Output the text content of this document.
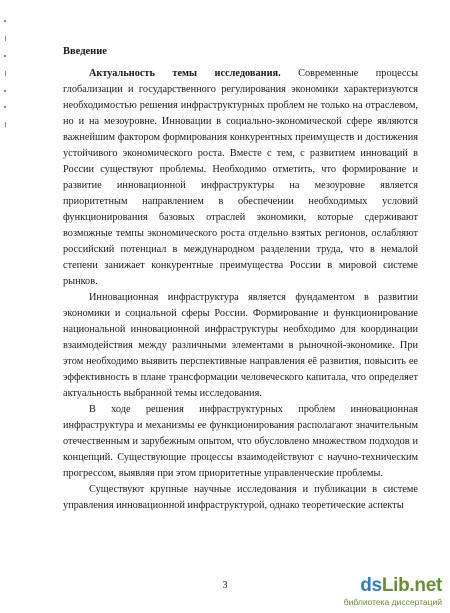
Введение

Актуальность темы исследования. Современные процессы глобализации и государственного регулирования экономики характеризуются необходимостью решения инфраструктурных проблем не только на отраслевом, но и на мезоуровне. Инновации в социально-экономической сфере являются важнейшим фактором формирования конкурентных преимуществ и достижения устойчивого экономического роста. Вместе с тем, с развитием инноваций в России существуют проблемы. Необходимо отметить, что формирование и развитие инновационной инфраструктуры на мезоуровне является приоритетным направлением в обеспечении необходимых условий функционирования базовых отраслей экономики, которые сдерживают возможные темпы экономического роста отдельно взятых регионов, ослабляют российский потенциал в международном разделении труда, что в немалой степени занижает конкурентные преимущества России в мировой системе рынков.

Инновационная инфраструктура является фундаментом в развитии экономики и социальной сферы России. Формирование и функционирование национальной инновационной инфраструктуры необходимо для координации взаимодействия между различными элементами в рыночной-экономике. При этом необходимо выявить перспективные направления её развития, повысить ее эффективность в плане трансформации человеческого капитала, что определяет актуальность выбранной темы исследования.

В ходе решения инфраструктурных проблем инновационная инфраструктура и механизмы ее функционирования располагают значительным отечественным и зарубежным опытом, что обусловлено множеством подходов и концепций. Существующие процессы взаимодействуют с научно-техническим прогрессом, выявляя при этом приоритетные управленческие проблемы.

Существуют крупные научные исследования и публикации в системе управления инновационной инфраструктурой, однако теоретические аспекты

3	dsLib.net
библиотека диссертаций
